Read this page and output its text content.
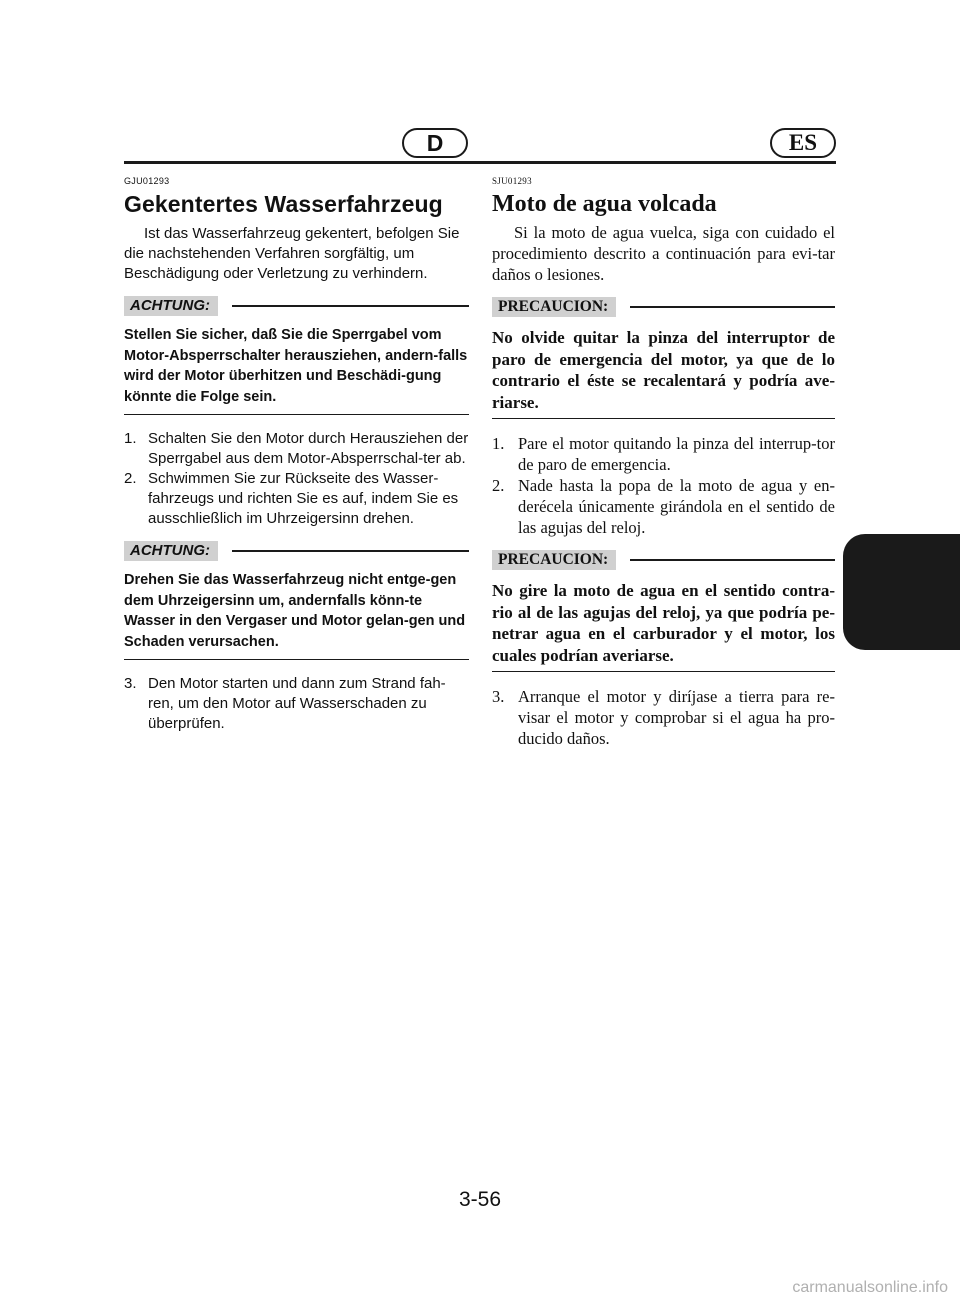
D	ES
GJU01293
Gekentertes Wasserfahrzeug

Ist das Wasserfahrzeug gekentert, befolgen Sie die nachstehenden Verfahren sorgfältig, um Beschädigung oder Verletzung zu verhindern.

ACHTUNG:
Stellen Sie sicher, daß Sie die Sperrgabel vom Motor-Absperrschalter herausziehen, andern-falls wird der Motor überhitzen und Beschädi-gung könnte die Folge sein.
1. Schalten Sie den Motor durch Herausziehen der Sperrgabel aus dem Motor-Absperrschal-ter ab.
2. Schwimmen Sie zur Rückseite des Wasser-fahrzeugs und richten Sie es auf, indem Sie es ausschließlich im Uhrzeigersinn drehen.
ACHTUNG:
Drehen Sie das Wasserfahrzeug nicht entge-gen dem Uhrzeigersinn um, andernfalls könn-te Wasser in den Vergaser und Motor gelan-gen und Schaden verursachen.
3. Den Motor starten und dann zum Strand fah-ren, um den Motor auf Wasserschaden zu überprüfen.
SJU01293
Moto de agua volcada

Si la moto de agua vuelca, siga con cuidado el procedimiento descrito a continuación para evi-tar daños o lesiones.

PRECAUCION:
No olvide quitar la pinza del interruptor de paro de emergencia del motor, ya que de lo contrario el éste se recalentará y podría ave-riarse.
1. Pare el motor quitando la pinza del interrup-tor de paro de emergencia.
2. Nade hasta la popa de la moto de agua y en-derécela únicamente girándola en el sentido de las agujas del reloj.
PRECAUCION:
No gire la moto de agua en el sentido contra-rio al de las agujas del reloj, ya que podría pe-netrar agua en el carburador y el motor, los cuales podrían averiarse.
3. Arranque el motor y diríjase a tierra para re-visar el motor y comprobar si el agua ha pro-ducido daños.
3-56
carmanualsonline.info
